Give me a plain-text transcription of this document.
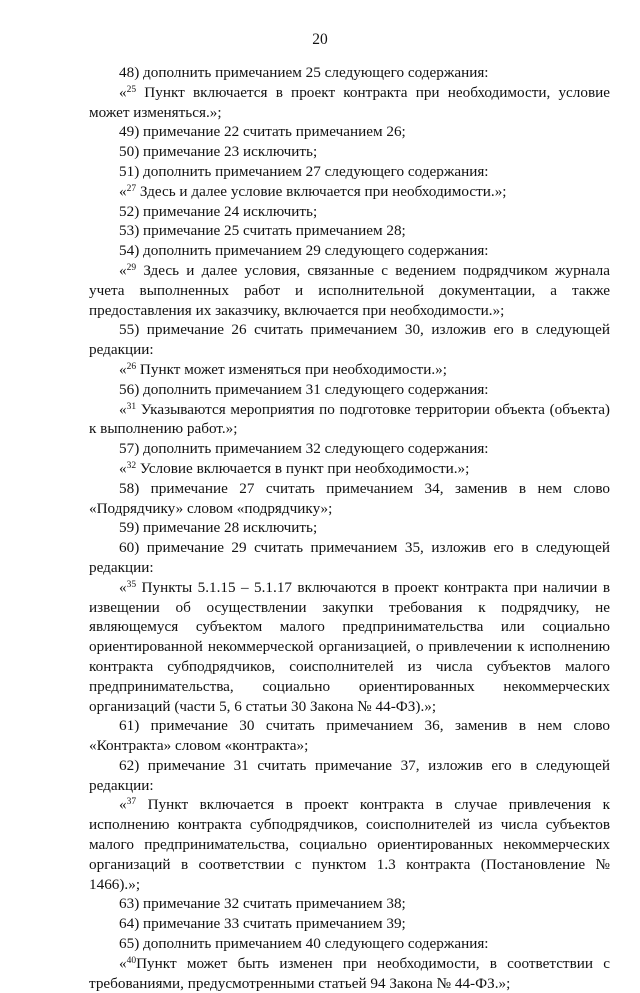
20

48) дополнить примечанием 25 следующего содержания:

«$^{25}$ Пункт включается в проект контракта при необходимости, условие может изменяться.»;

49) примечание 22 считать примечанием 26;

50) примечание 23 исключить;

51) дополнить примечанием 27 следующего содержания:

«$^{27}$ Здесь и далее условие включается при необходимости.»;

52) примечание 24 исключить;

53) примечание 25 считать примечанием 28;

54) дополнить примечанием 29 следующего содержания:

«$^{29}$ Здесь и далее условия, связанные с ведением подрядчиком журнала учета выполненных работ и исполнительной документации, а также предоставления их заказчику, включается при необходимости.»;

55) примечание 26 считать примечанием 30, изложив его в следующей редакции:

«$^{26}$ Пункт может изменяться при необходимости.»;

56) дополнить примечанием 31 следующего содержания:

«$^{31}$ Указываются мероприятия по подготовке территории объекта (объекта) к выполнению работ.»;

57) дополнить примечанием 32 следующего содержания:

«$^{32}$ Условие включается в пункт при необходимости.»;

58) примечание 27 считать примечанием 34, заменив в нем слово «Подрядчику» словом «подрядчику»;

59) примечание 28 исключить;

60) примечание 29 считать примечанием 35, изложив его в следующей редакции:

«$^{35}$ Пункты 5.1.15 – 5.1.17 включаются в проект контракта при наличии в извещении об осуществлении закупки требования к подрядчику, не являющемуся субъектом малого предпринимательства или социально ориентированной некоммерческой организацией, о привлечении к исполнению контракта субподрядчиков, соисполнителей из числа субъектов малого предпринимательства, социально ориентированных некоммерческих организаций (части 5, 6 статьи 30 Закона № 44-ФЗ).»;

61) примечание 30 считать примечанием 36, заменив в нем слово «Контракта» словом «контракта»;

62) примечание 31 считать примечание 37, изложив его в следующей редакции:

«$^{37}$ Пункт включается в проект контракта в случае привлечения к исполнению контракта субподрядчиков, соисполнителей из числа субъектов малого предпринимательства, социально ориентированных некоммерческих организаций в соответствии с пунктом 1.3 контракта (Постановление № 1466).»;

63) примечание 32 считать примечанием 38;

64) примечание 33 считать примечанием 39;

65) дополнить примечанием 40 следующего содержания:

«$^{40}$Пункт может быть изменен при необходимости, в соответствии с требованиями, предусмотренными статьей 94 Закона № 44-ФЗ.»;
